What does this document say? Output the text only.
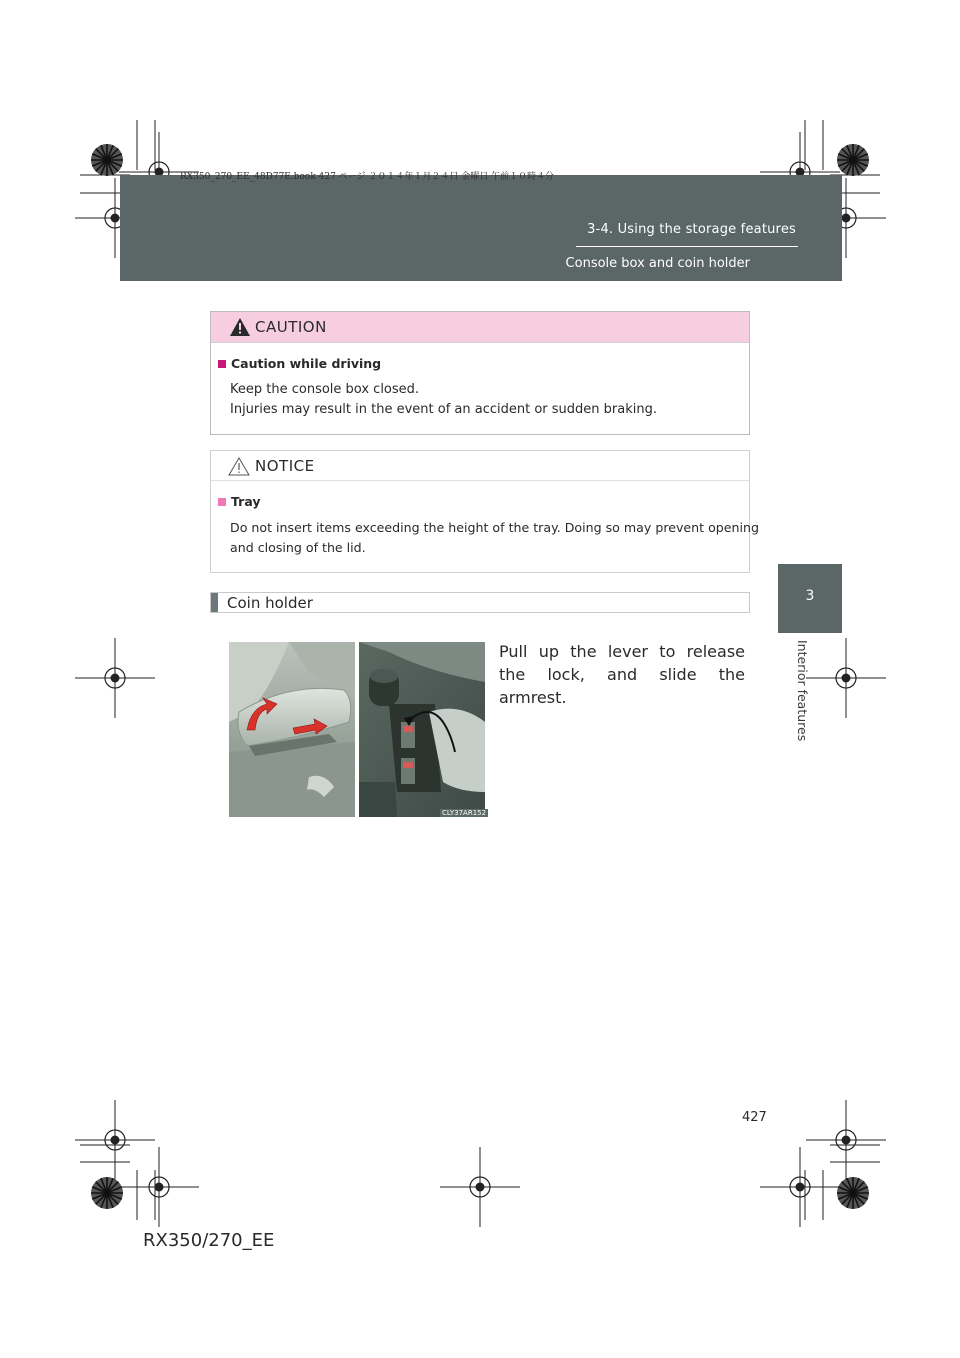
RX350_270_EE_48D77E.book 427 ページ ２０１４年１月２４日 金曜日 午前１０時４分
3-4. Using the storage features
Console box and coin holder
3
Interior features
CAUTION
Caution while driving
Keep the console box closed.
Injuries may result in the event of an accident or sudden braking.
NOTICE
Tray
Do not insert items exceeding the height of the tray. Doing so may prevent opening
and closing of the lid.
Coin holder
CLY37AR152
Pull up the lever to release the lock, and slide the armrest.
427
RX350/270_EE
